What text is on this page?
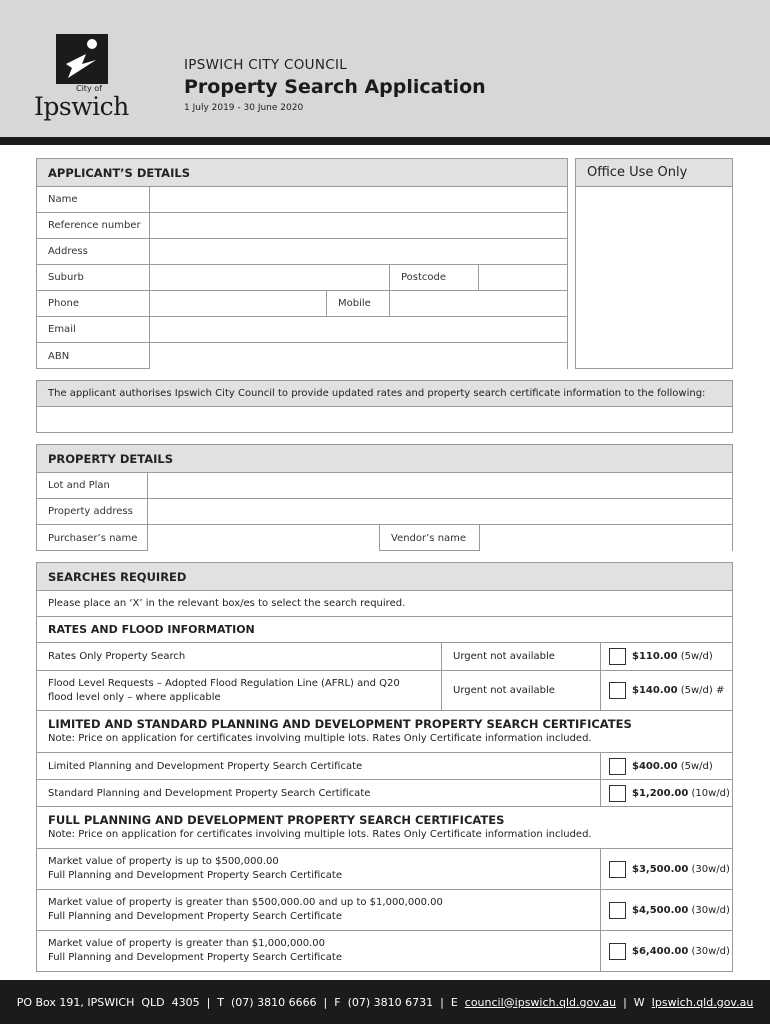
City of
Ipswich
IPSWICH CITY COUNCIL
Property Search Application
1 July 2019 - 30 June 2020
APPLICANT’S DETAILS
Name
Reference number
Address
Suburb	Postcode
Phone	Mobile
Email
ABN
Office Use Only
The applicant authorises Ipswich City Council to provide updated rates and property search certificate information to the following:
PROPERTY DETAILS
Lot and Plan
Property address
Purchaser’s name	Vendor’s name
SEARCHES REQUIRED
Please place an ‘X’ in the relevant box/es to select the search required.
RATES AND FLOOD INFORMATION
Rates Only Property Search	Urgent not available	$110.00
(5w/d)
Flood Level Requests – Adopted Flood Regulation Line (AFRL) and Q20
flood level only – where applicable
Urgent not available	$140.00
(5w/d) #
LIMITED AND STANDARD PLANNING AND DEVELOPMENT PROPERTY SEARCH CERTIFICATES
Note: Price on application for certificates involving multiple lots. Rates Only Certificate information included.
Limited Planning and Development Property Search Certificate	$400.00
(5w/d)
Standard Planning and Development Property Search Certificate	$1,200.00
(10w/d)
FULL PLANNING AND DEVELOPMENT PROPERTY SEARCH CERTIFICATES
Note: Price on application for certificates involving multiple lots. Rates Only Certificate information included.
Market value of property is up to $500,000.00
Full Planning and Development Property Search Certificate
$3,500.00
(30w/d)
Market value of property is greater than $500,000.00 and up to $1,000,000.00
Full Planning and Development Property Search Certificate
$4,500.00
(30w/d)
Market value of property is greater than $1,000,000.00
Full Planning and Development Property Search Certificate
$6,400.00
(30w/d)
PO Box 191, IPSWICH  QLD  4305  |  T  (07) 3810 6666  |  F  (07) 3810 6731  |  E council@ipswich.qld.gov.au |  W Ipswich.qld.gov.au
